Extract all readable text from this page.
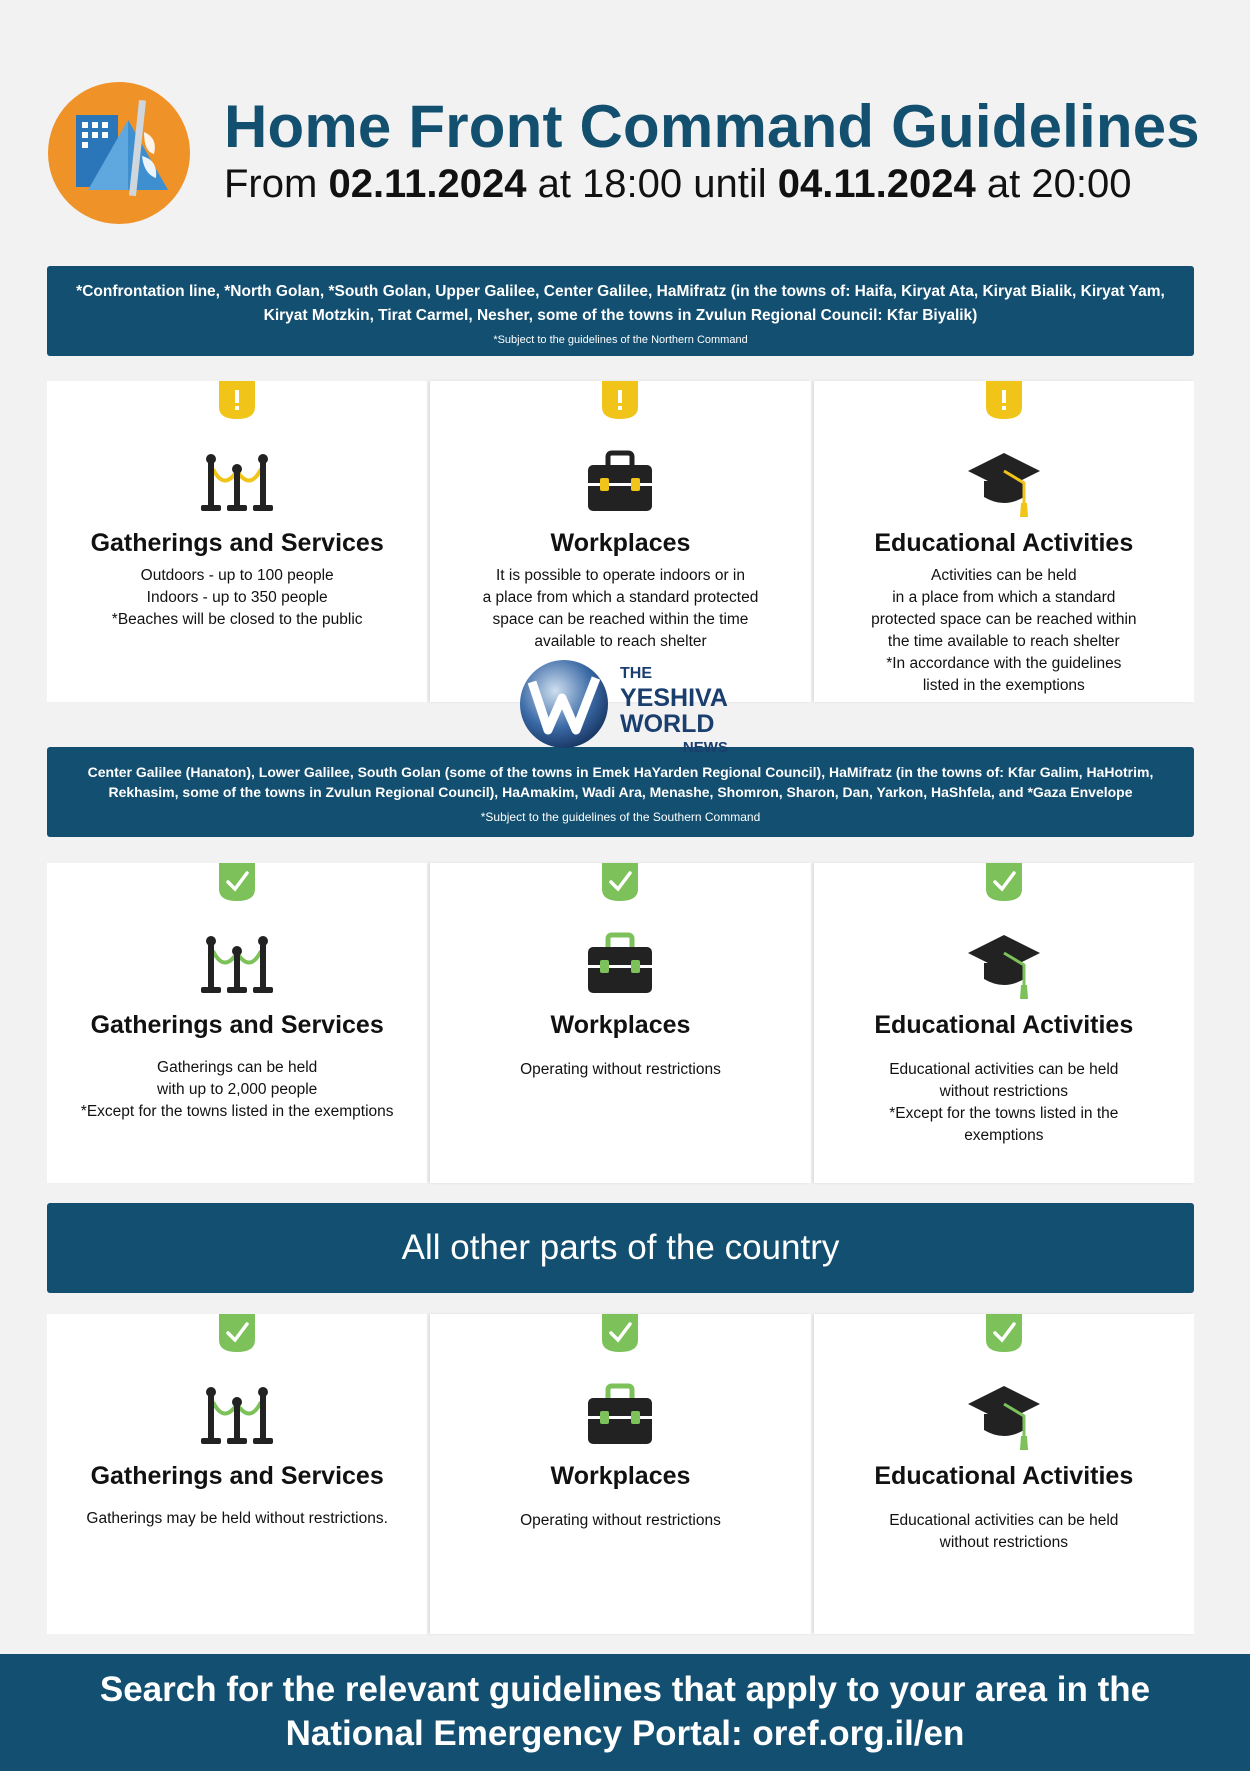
Home Front Command Guidelines
From 02.11.2024 at 18:00 until 04.11.2024 at 20:00
*Confrontation line, *North Golan, *South Golan, Upper Galilee, Center Galilee, HaMifratz (in the towns of: Haifa, Kiryat Ata, Kiryat Bialik, Kiryat Yam, Kiryat Motzkin, Tirat Carmel, Nesher, some of the towns in Zvulun Regional Council: Kfar Biyalik)
*Subject to the guidelines of the Northern Command
Gatherings and Services
Outdoors - up to 100 people
Indoors - up to 350 people
*Beaches will be closed to the public
Workplaces
It is possible to operate indoors or in
a place from which a standard protected
space can be reached within the time
available to reach shelter
Educational Activities
Activities can be held
in a place from which a standard
protected space can be reached within
the time available to reach shelter
*In accordance with the guidelines
listed in the exemptions
Center Galilee (Hanaton), Lower Galilee, South Golan (some of the towns in Emek HaYarden Regional Council), HaMifratz (in the towns of: Kfar Galim, HaHotrim, Rekhasim, some of the towns in Zvulun Regional Council), HaAmakim, Wadi Ara, Menashe, Shomron, Sharon, Dan, Yarkon, HaShfela, and *Gaza Envelope
*Subject to the guidelines of the Southern Command
Gatherings and Services
Gatherings can be held
with up to 2,000 people
*Except for the towns listed in the exemptions
Workplaces
Operating without restrictions
Educational Activities
Educational activities can be held
without restrictions
*Except for the towns listed in the
exemptions
All other parts of the country
Gatherings and Services
Gatherings may be held without restrictions.
Workplaces
Operating without restrictions
Educational Activities
Educational activities can be held
without restrictions
THE
YESHIVA
WORLD
NEWS
Search for the relevant guidelines that apply to your area in the
National Emergency Portal: oref.org.il/en
